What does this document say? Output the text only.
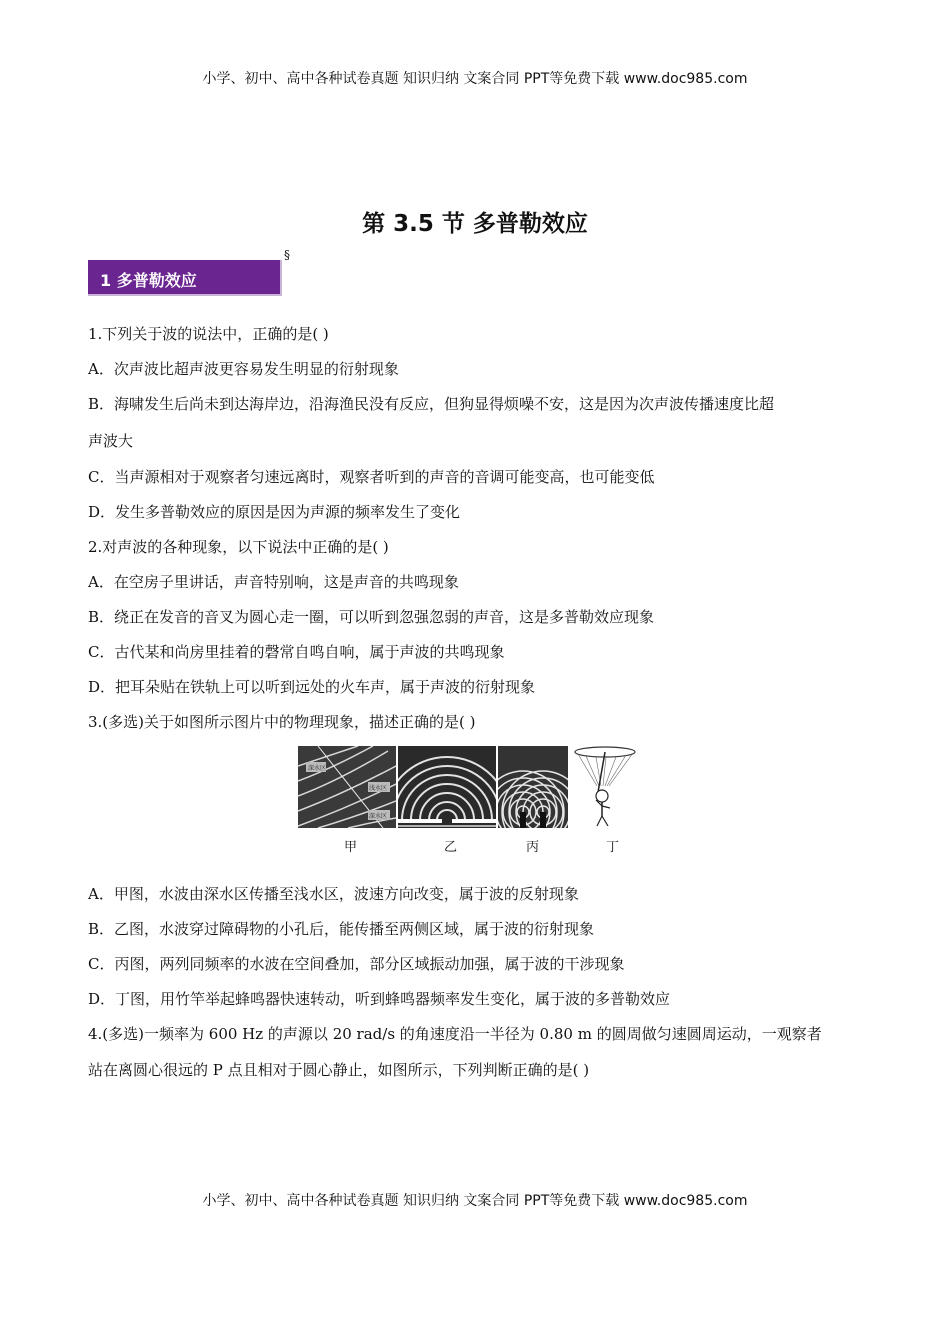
小学、初中、高中各种试卷真题 知识归纳 文案合同 PPT等免费下载 www.doc985.com
第 3.5 节 多普勒效应
1 多普勒效应
§
1.下列关于波的说法中，正确的是( )
A．次声波比超声波更容易发生明显的衍射现象
B．海啸发生后尚未到达海岸边，沿海渔民没有反应，但狗显得烦噪不安，这是因为次声波传播速度比超
声波大
C．当声源相对于观察者匀速远离时，观察者听到的声音的音调可能变高，也可能变低
D．发生多普勒效应的原因是因为声源的频率发生了变化
2.对声波的各种现象，以下说法中正确的是( )
A．在空房子里讲话，声音特别响，这是声音的共鸣现象
B．绕正在发音的音叉为圆心走一圈，可以听到忽强忽弱的声音，这是多普勒效应现象
C．古代某和尚房里挂着的磬常自鸣自响，属于声波的共鸣现象
D．把耳朵贴在铁轨上可以听到远处的火车声，属于声波的衍射现象
3.(多选)关于如图所示图片中的物理现象，描述正确的是( )
深水区
浅水区
深水区
甲	乙	丙	丁
A．甲图，水波由深水区传播至浅水区，波速方向改变，属于波的反射现象
B．乙图，水波穿过障碍物的小孔后，能传播至两侧区域，属于波的衍射现象
C．丙图，两列同频率的水波在空间叠加，部分区域振动加强，属于波的干涉现象
D．丁图，用竹竿举起蜂鸣器快速转动，听到蜂鸣器频率发生变化，属于波的多普勒效应
4.(多选)一频率为 600 Hz 的声源以 20 rad/s 的角速度沿一半径为 0.80 m 的圆周做匀速圆周运动，一观察者
站在离圆心很远的 P 点且相对于圆心静止，如图所示，下列判断正确的是( )
小学、初中、高中各种试卷真题 知识归纳 文案合同 PPT等免费下载 www.doc985.com
